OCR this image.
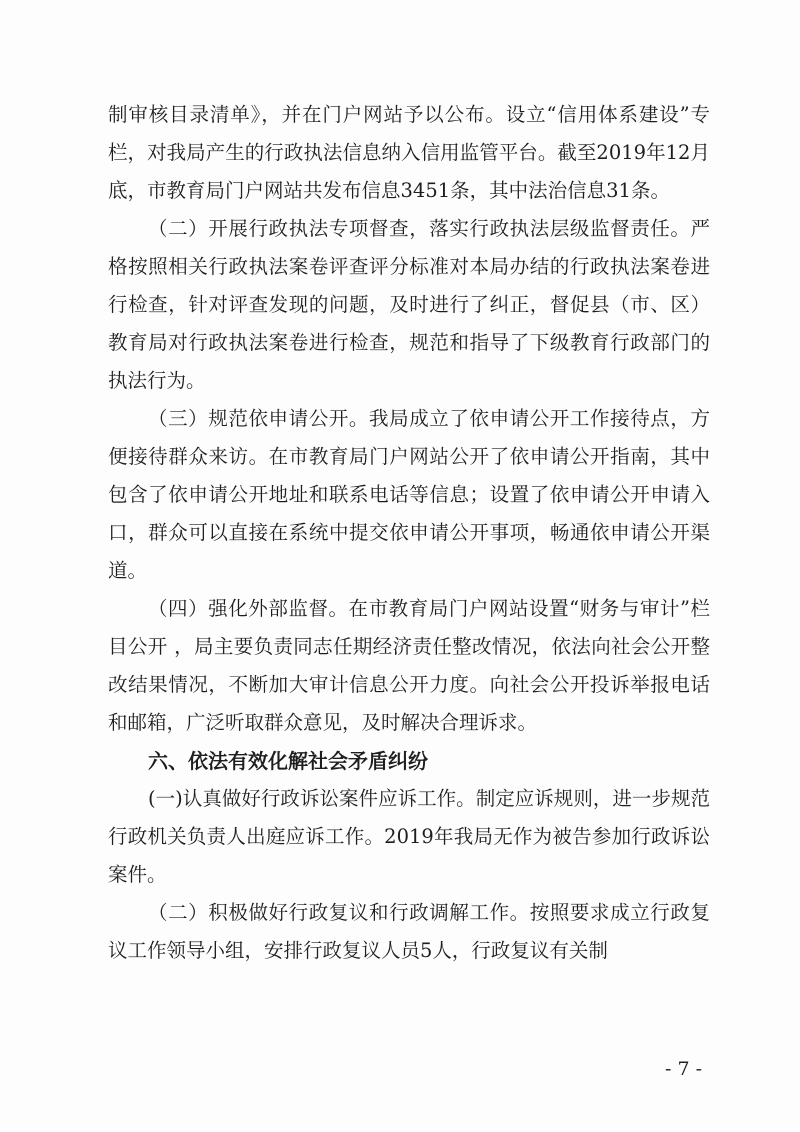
制审核目录清单》，并在门户网站予以公布。设立“信用体系建设”专栏，对我局产生的行政执法信息纳入信用监管平台。截至2019年12月底，市教育局门户网站共发布信息3451条，其中法治信息31条。

（二）开展行政执法专项督查，落实行政执法层级监督责任。严格按照相关行政执法案卷评查评分标准对本局办结的行政执法案卷进行检查，针对评查发现的问题，及时进行了纠正，督促县（市、区）教育局对行政执法案卷进行检查，规范和指导了下级教育行政部门的执法行为。

（三）规范依申请公开。我局成立了依申请公开工作接待点，方便接待群众来访。在市教育局门户网站公开了依申请公开指南，其中包含了依申请公开地址和联系电话等信息；设置了依申请公开申请入口，群众可以直接在系统中提交依申请公开事项，畅通依申请公开渠道。

（四）强化外部监督。在市教育局门户网站设置“财务与审计”栏目公开 ，局主要负责同志任期经济责任整改情况，依法向社会公开整改结果情况，不断加大审计信息公开力度。向社会公开投诉举报电话和邮箱，广泛听取群众意见，及时解决合理诉求。

六、依法有效化解社会矛盾纠纷

(一)认真做好行政诉讼案件应诉工作。制定应诉规则，进一步规范行政机关负责人出庭应诉工作。2019年我局无作为被告参加行政诉讼案件。

（二）积极做好行政复议和行政调解工作。按照要求成立行政复议工作领导小组，安排行政复议人员5人，行政复议有关制

- 7 -
